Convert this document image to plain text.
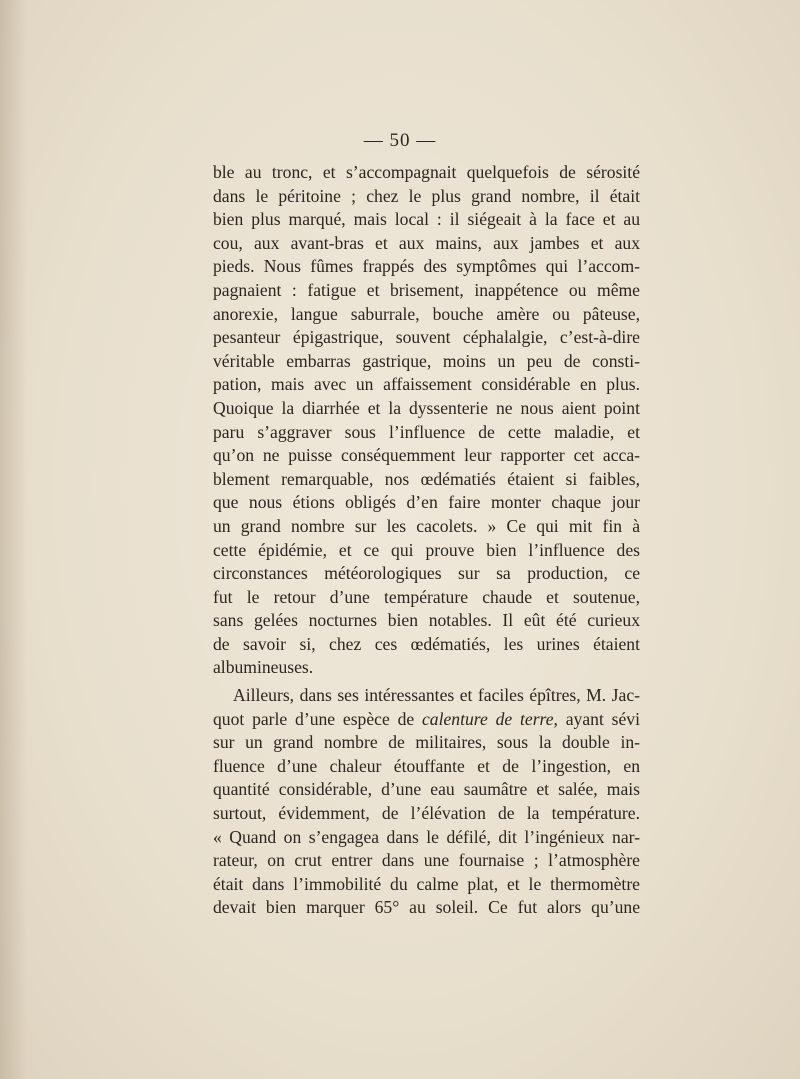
— 50 —
ble au tronc, et s’accompagnait quelquefois de sérosité
dans le péritoine ; chez le plus grand nombre, il était
bien plus marqué, mais local : il siégeait à la face et au
cou, aux avant-bras et aux mains, aux jambes et aux
pieds. Nous fûmes frappés des symptômes qui l’accom-
pagnaient : fatigue et brisement, inappétence ou même
anorexie, langue saburrale, bouche amère ou pâteuse,
pesanteur épigastrique, souvent céphalalgie, c’est-à-dire
véritable embarras gastrique, moins un peu de consti-
pation, mais avec un affaissement considérable en plus.
Quoique la diarrhée et la dyssenterie ne nous aient point
paru s’aggraver sous l’influence de cette maladie, et
qu’on ne puisse conséquemment leur rapporter cet acca-
blement remarquable, nos œdématiés étaient si faibles,
que nous étions obligés d’en faire monter chaque jour
un grand nombre sur les cacolets. » Ce qui mit fin à
cette épidémie, et ce qui prouve bien l’influence des
circonstances météorologiques sur sa production, ce
fut le retour d’une température chaude et soutenue,
sans gelées nocturnes bien notables. Il eût été curieux
de savoir si, chez ces œdématiés, les urines étaient
albumineuses.
Ailleurs, dans ses intéressantes et faciles épîtres, M. Jac-
quot parle d’une espèce de calenture de terre, ayant sévi
sur un grand nombre de militaires, sous la double in-
fluence d’une chaleur étouffante et de l’ingestion, en
quantité considérable, d’une eau saumâtre et salée, mais
surtout, évidemment, de l’élévation de la température.
« Quand on s’engagea dans le défilé, dit l’ingénieux nar-
rateur, on crut entrer dans une fournaise ; l’atmosphère
était dans l’immobilité du calme plat, et le thermomètre
devait bien marquer 65° au soleil. Ce fut alors qu’une
